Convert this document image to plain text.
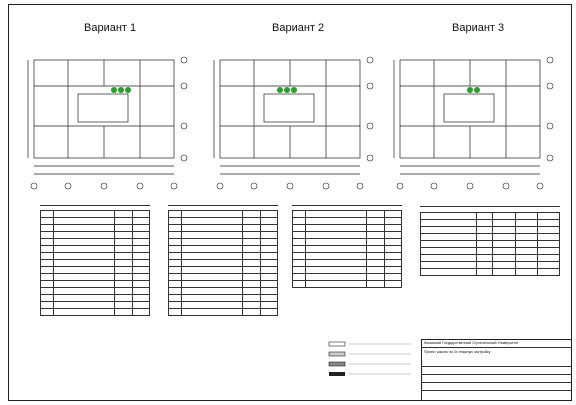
Вариант 1	Вариант 2	Вариант 3

Казанский Государственный Строительный Университет
Проект школы на 3х этажную застройку
